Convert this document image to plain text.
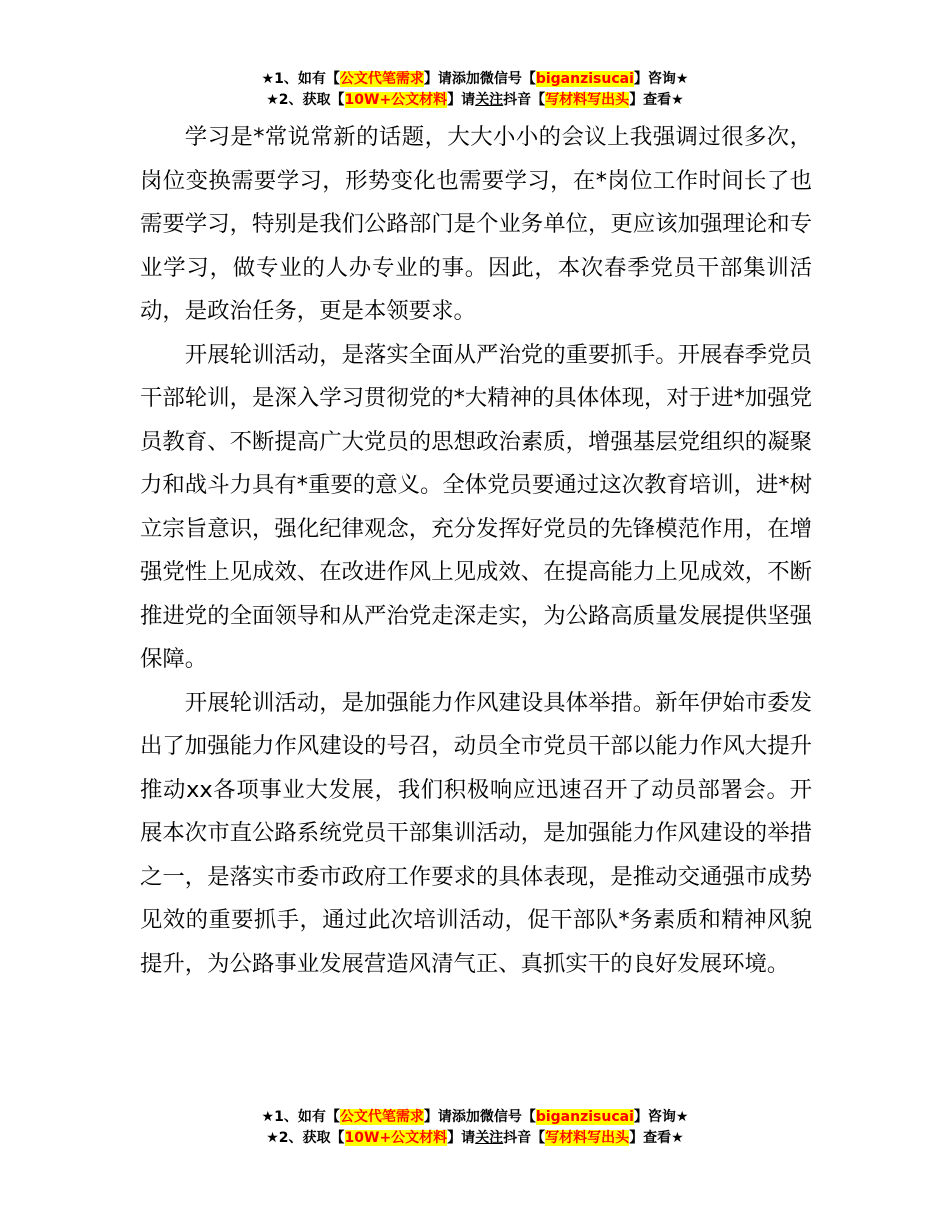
★1、如有【公文代笔需求】请添加微信号【biganzisucai】咨询★
★2、获取【10W+公文材料】请关注抖音【写材料写出头】查看★

学习是*常说常新的话题，大大小小的会议上我强调过很多次，岗位变换需要学习，形势变化也需要学习，在*岗位工作时间长了也需要学习，特别是我们公路部门是个业务单位，更应该加强理论和专业学习，做专业的人办专业的事。因此，本次春季党员干部集训活动，是政治任务，更是本领要求。

开展轮训活动，是落实全面从严治党的重要抓手。开展春季党员干部轮训，是深入学习贯彻党的*大精神的具体体现，对于进*加强党员教育、不断提高广大党员的思想政治素质，增强基层党组织的凝聚力和战斗力具有*重要的意义。全体党员要通过这次教育培训，进*树立宗旨意识，强化纪律观念，充分发挥好党员的先锋模范作用，在增强党性上见成效、在改进作风上见成效、在提高能力上见成效，不断推进党的全面领导和从严治党走深走实，为公路高质量发展提供坚强保障。

开展轮训活动，是加强能力作风建设具体举措。新年伊始市委发出了加强能力作风建设的号召，动员全市党员干部以能力作风大提升推动xx各项事业大发展，我们积极响应迅速召开了动员部署会。开展本次市直公路系统党员干部集训活动，是加强能力作风建设的举措之一，是落实市委市政府工作要求的具体表现，是推动交通强市成势见效的重要抓手，通过此次培训活动，促干部队*务素质和精神风貌提升，为公路事业发展营造风清气正、真抓实干的良好发展环境。

★1、如有【公文代笔需求】请添加微信号【biganzisucai】咨询★
★2、获取【10W+公文材料】请关注抖音【写材料写出头】查看★
